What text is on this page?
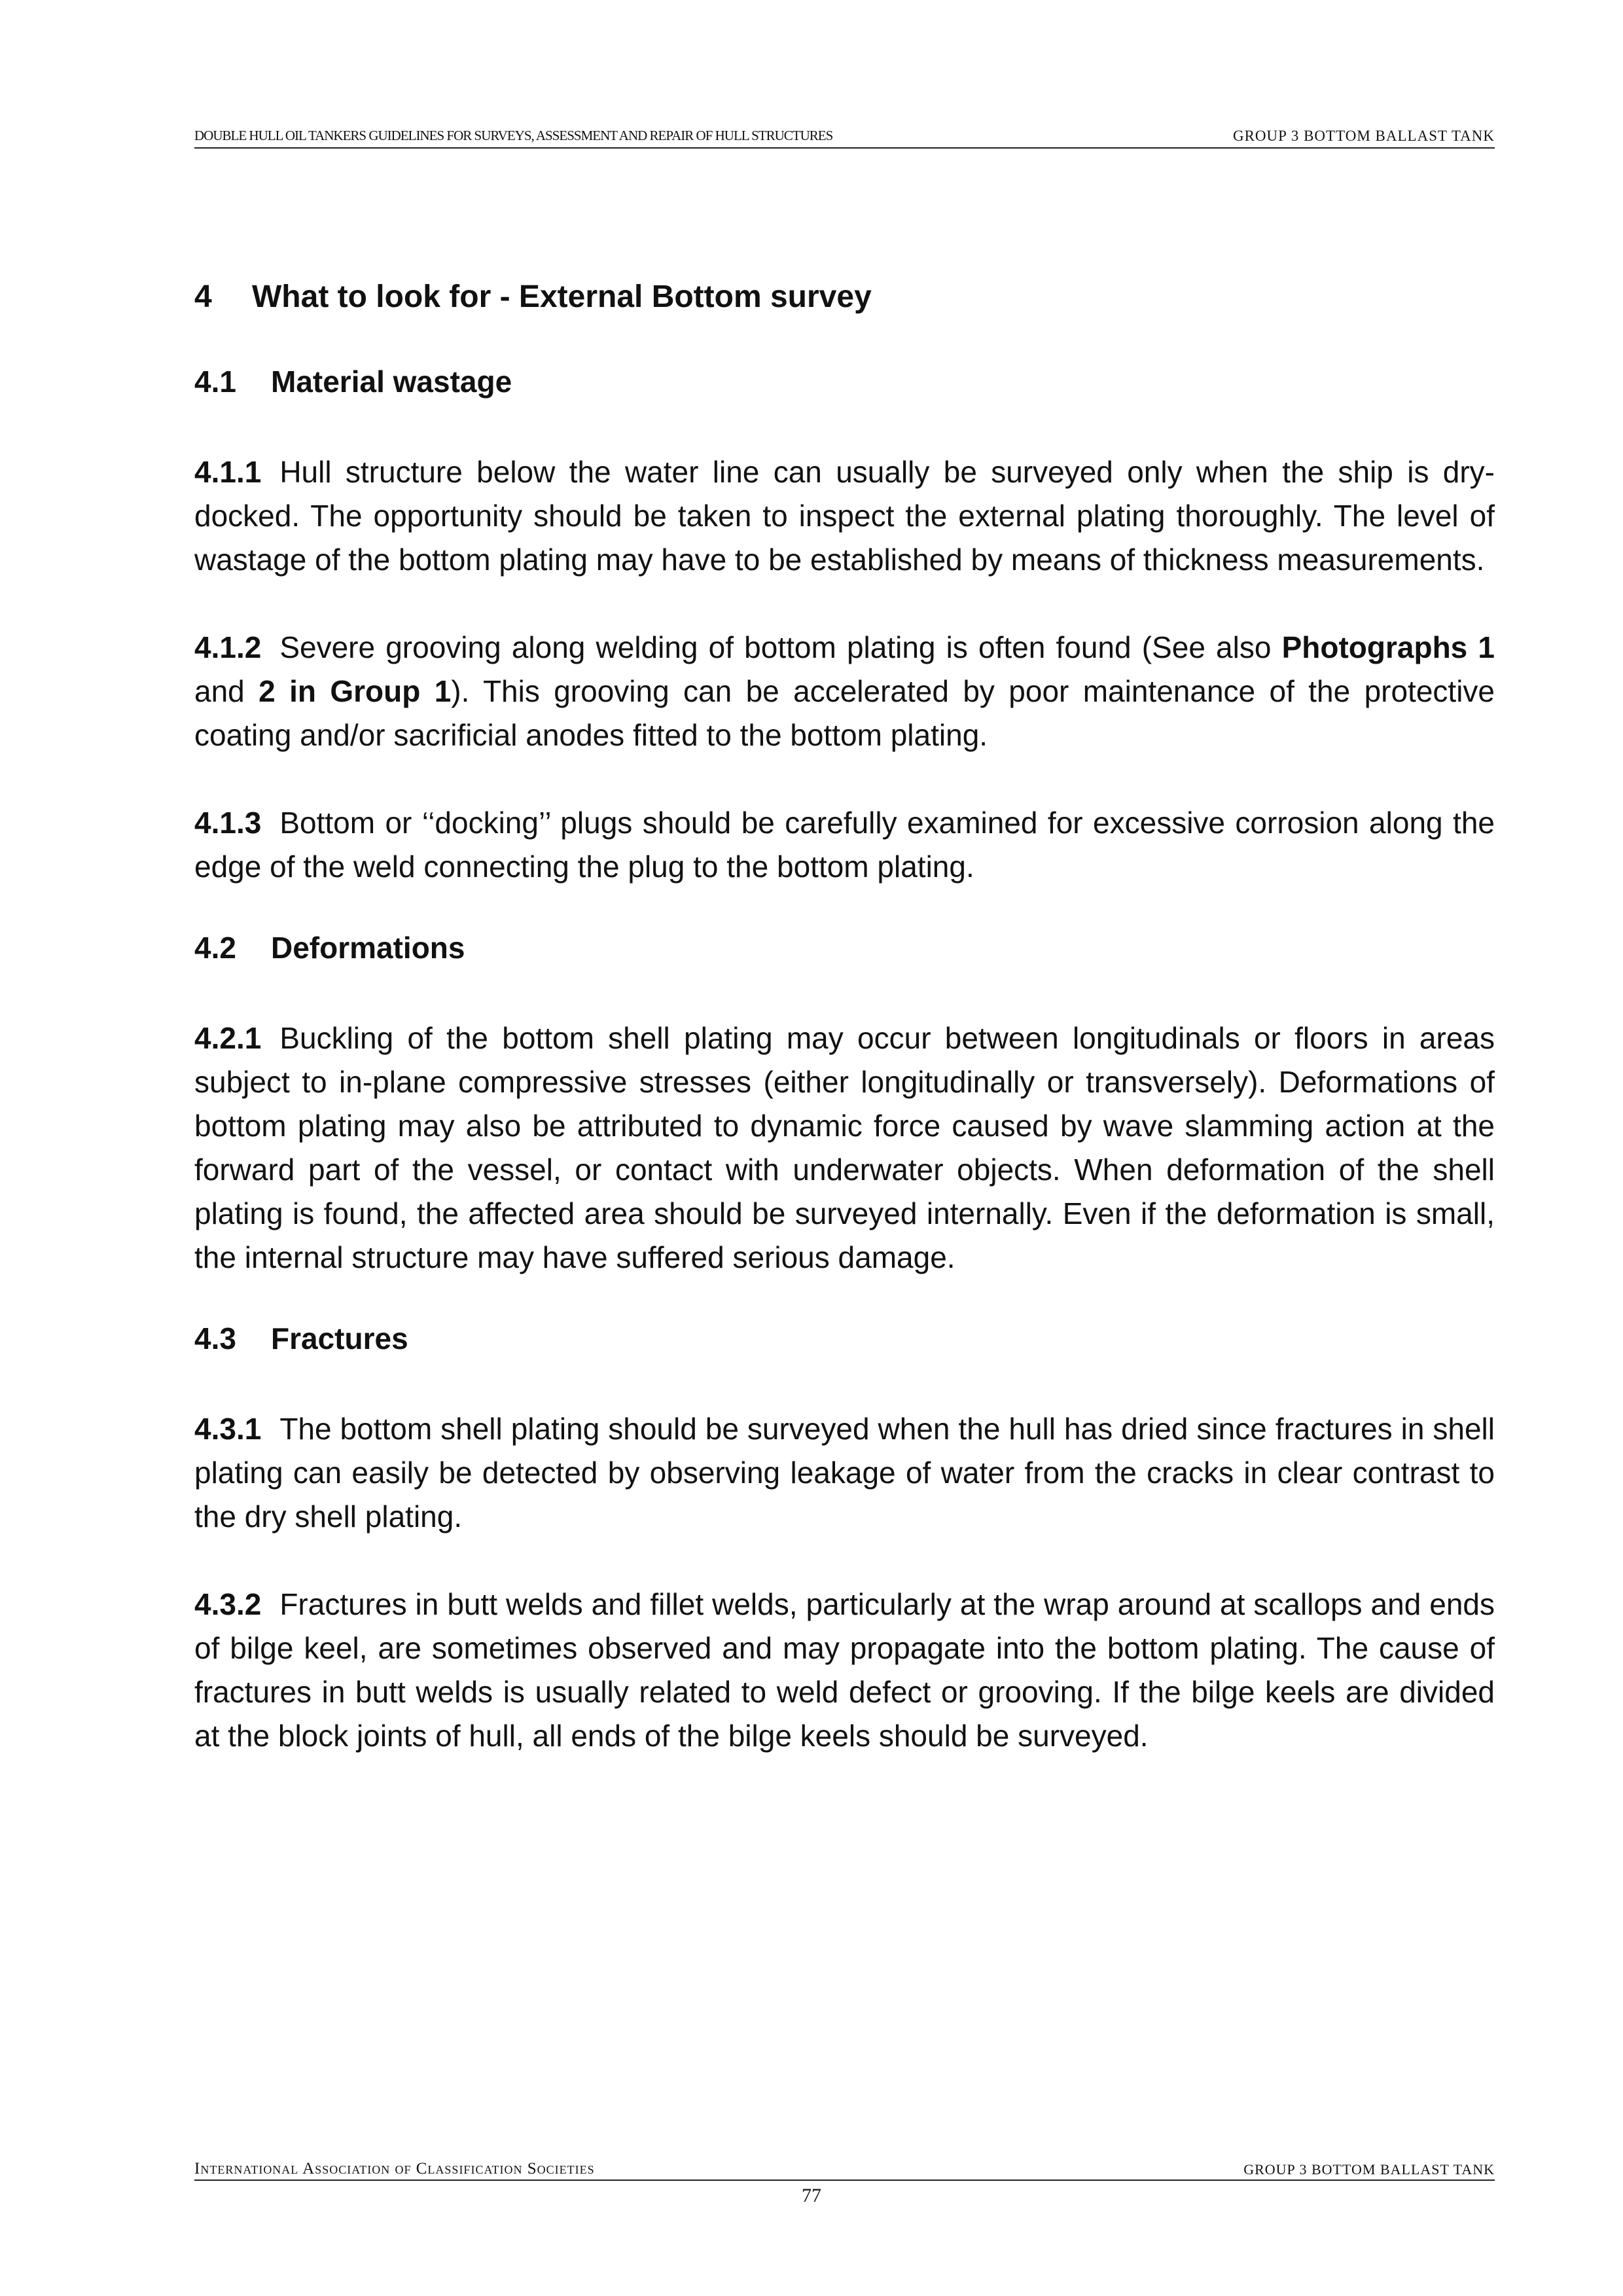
DOUBLE HULL OIL TANKERS GUIDELINES FOR SURVEYS, ASSESSMENT AND REPAIR OF HULL STRUCTURES	GROUP 3 BOTTOM BALLAST TANK
4 What to look for - External Bottom survey
4.1 Material wastage

4.1.1 Hull structure below the water line can usually be surveyed only when the ship is dry-docked. The opportunity should be taken to inspect the external plating thoroughly. The level of wastage of the bottom plating may have to be established by means of thickness measurements.

4.1.2 Severe grooving along welding of bottom plating is often found (See also Photographs 1 and 2 in Group 1). This grooving can be accelerated by poor maintenance of the protective coating and/or sacrificial anodes fitted to the bottom plating.

4.1.3 Bottom or ‘‘docking’’ plugs should be carefully examined for excessive corrosion along the edge of the weld connecting the plug to the bottom plating.

4.2 Deformations

4.2.1 Buckling of the bottom shell plating may occur between longitudinals or floors in areas subject to in-plane compressive stresses (either longitudinally or transversely). Deformations of bottom plating may also be attributed to dynamic force caused by wave slamming action at the forward part of the vessel, or contact with underwater objects. When deformation of the shell plating is found, the affected area should be surveyed internally. Even if the deformation is small, the internal structure may have suffered serious damage.

4.3 Fractures

4.3.1 The bottom shell plating should be surveyed when the hull has dried since fractures in shell plating can easily be detected by observing leakage of water from the cracks in clear contrast to the dry shell plating.

4.3.2 Fractures in butt welds and fillet welds, particularly at the wrap around at scallops and ends of bilge keel, are sometimes observed and may propagate into the bottom plating. The cause of fractures in butt welds is usually related to weld defect or grooving. If the bilge keels are divided at the block joints of hull, all ends of the bilge keels should be surveyed.

International Association of Classification Societies	GROUP 3 BOTTOM BALLAST TANK
77
